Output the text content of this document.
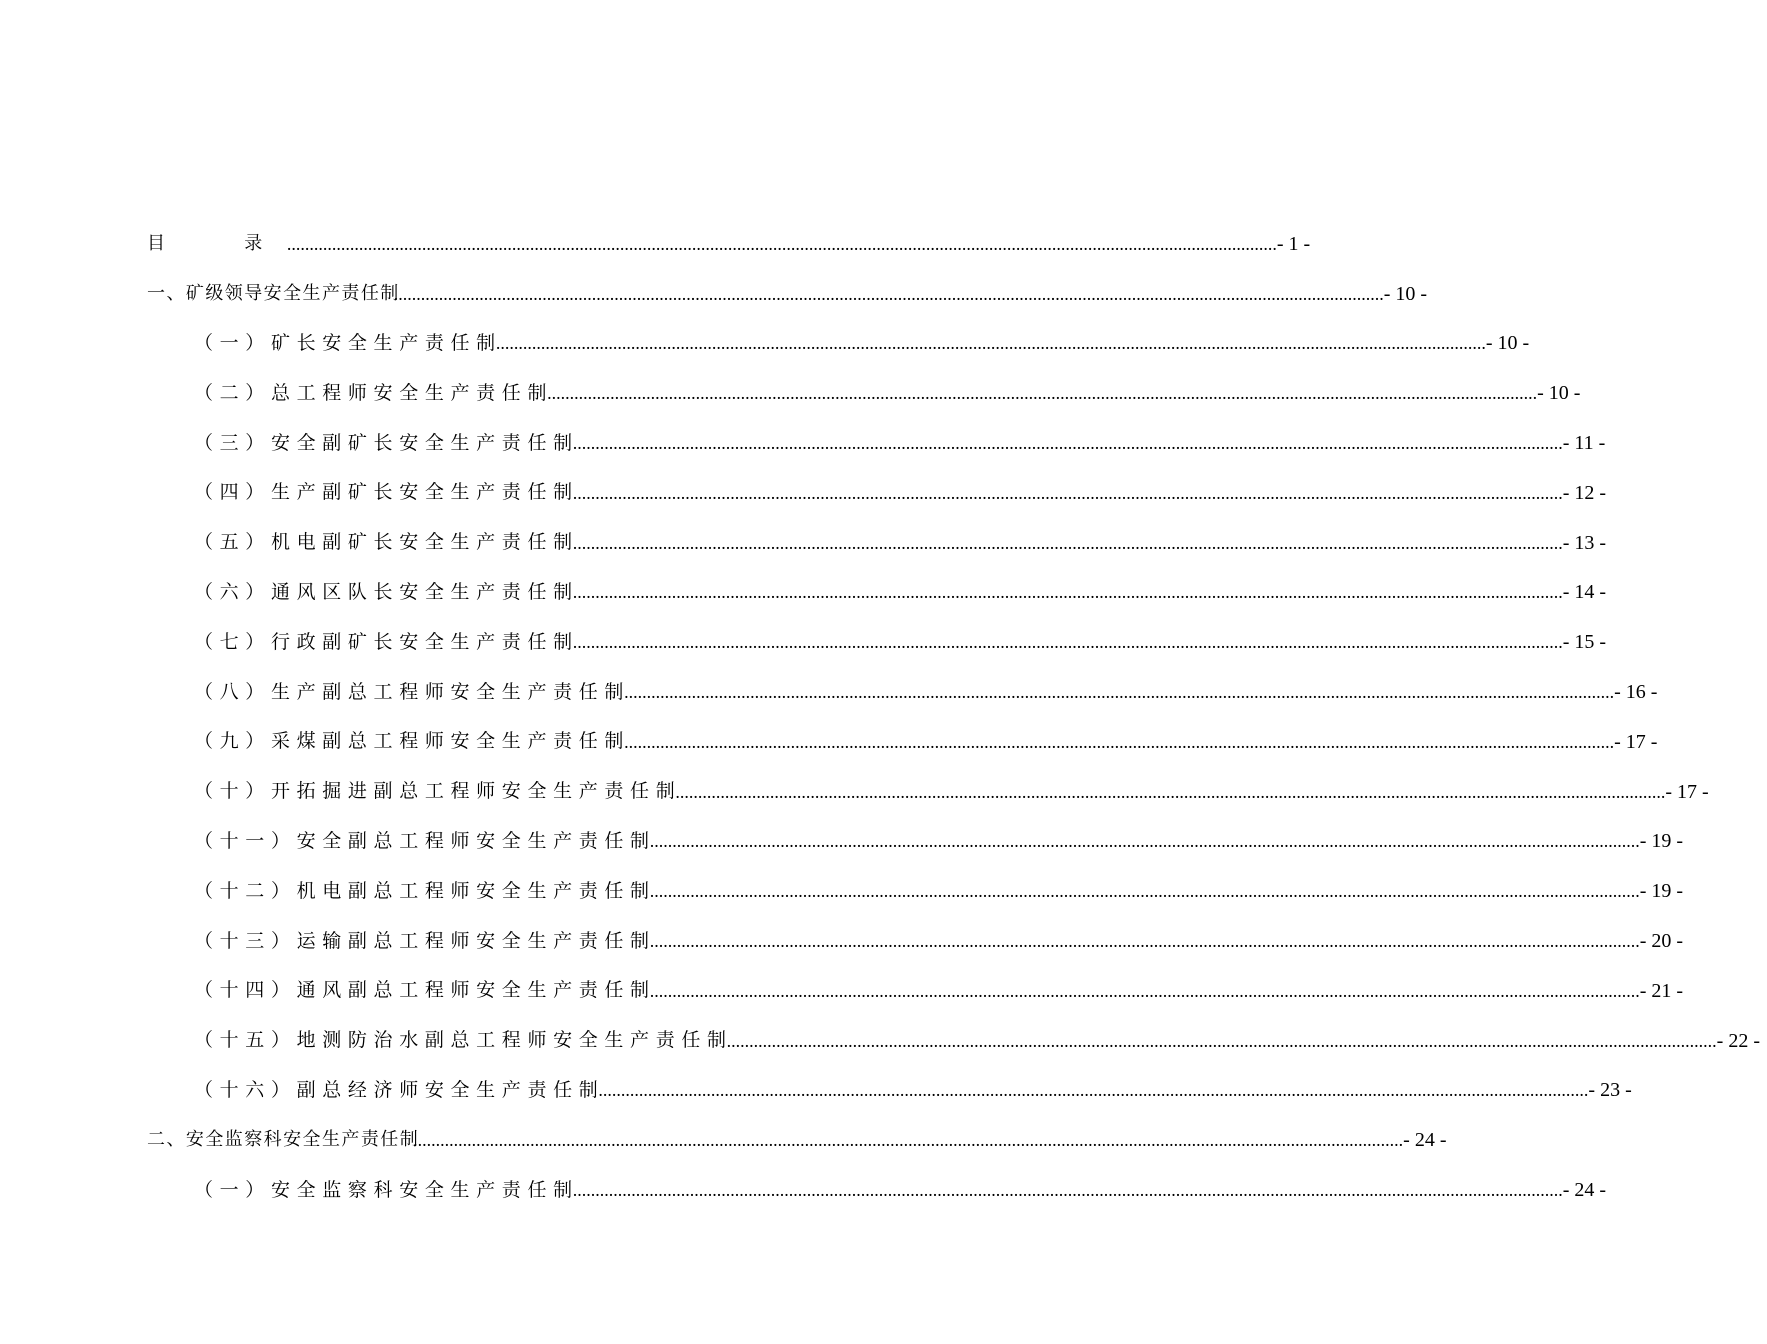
目　录
............................................................................................................................................................................................................................ - 1 -
一、矿级领导安全生产责任制
............................................................................................................................................................................................................................ - 10 -
（一）矿长安全生产责任制
............................................................................................................................................................................................................................ - 10 -
（二）总工程师安全生产责任制
............................................................................................................................................................................................................................ - 10 -
（三）安全副矿长安全生产责任制
............................................................................................................................................................................................................................ - 11 -
（四）生产副矿长安全生产责任制
............................................................................................................................................................................................................................ - 12 -
（五）机电副矿长安全生产责任制
............................................................................................................................................................................................................................ - 13 -
（六）通风区队长安全生产责任制
............................................................................................................................................................................................................................ - 14 -
（七）行政副矿长安全生产责任制
............................................................................................................................................................................................................................ - 15 -
（八）生产副总工程师安全生产责任制
............................................................................................................................................................................................................................ - 16 -
（九）采煤副总工程师安全生产责任制
............................................................................................................................................................................................................................ - 17 -
（十）开拓掘进副总工程师安全生产责任制
............................................................................................................................................................................................................................ - 17 -
（十一）安全副总工程师安全生产责任制
............................................................................................................................................................................................................................ - 19 -
（十二）机电副总工程师安全生产责任制
............................................................................................................................................................................................................................ - 19 -
（十三）运输副总工程师安全生产责任制
............................................................................................................................................................................................................................ - 20 -
（十四）通风副总工程师安全生产责任制
............................................................................................................................................................................................................................ - 21 -
（十五）地测防治水副总工程师安全生产责任制
............................................................................................................................................................................................................................ - 22 -
（十六）副总经济师安全生产责任制
............................................................................................................................................................................................................................ - 23 -
二、安全监察科安全生产责任制
............................................................................................................................................................................................................................ - 24 -
（一）安全监察科安全生产责任制
............................................................................................................................................................................................................................ - 24 -
